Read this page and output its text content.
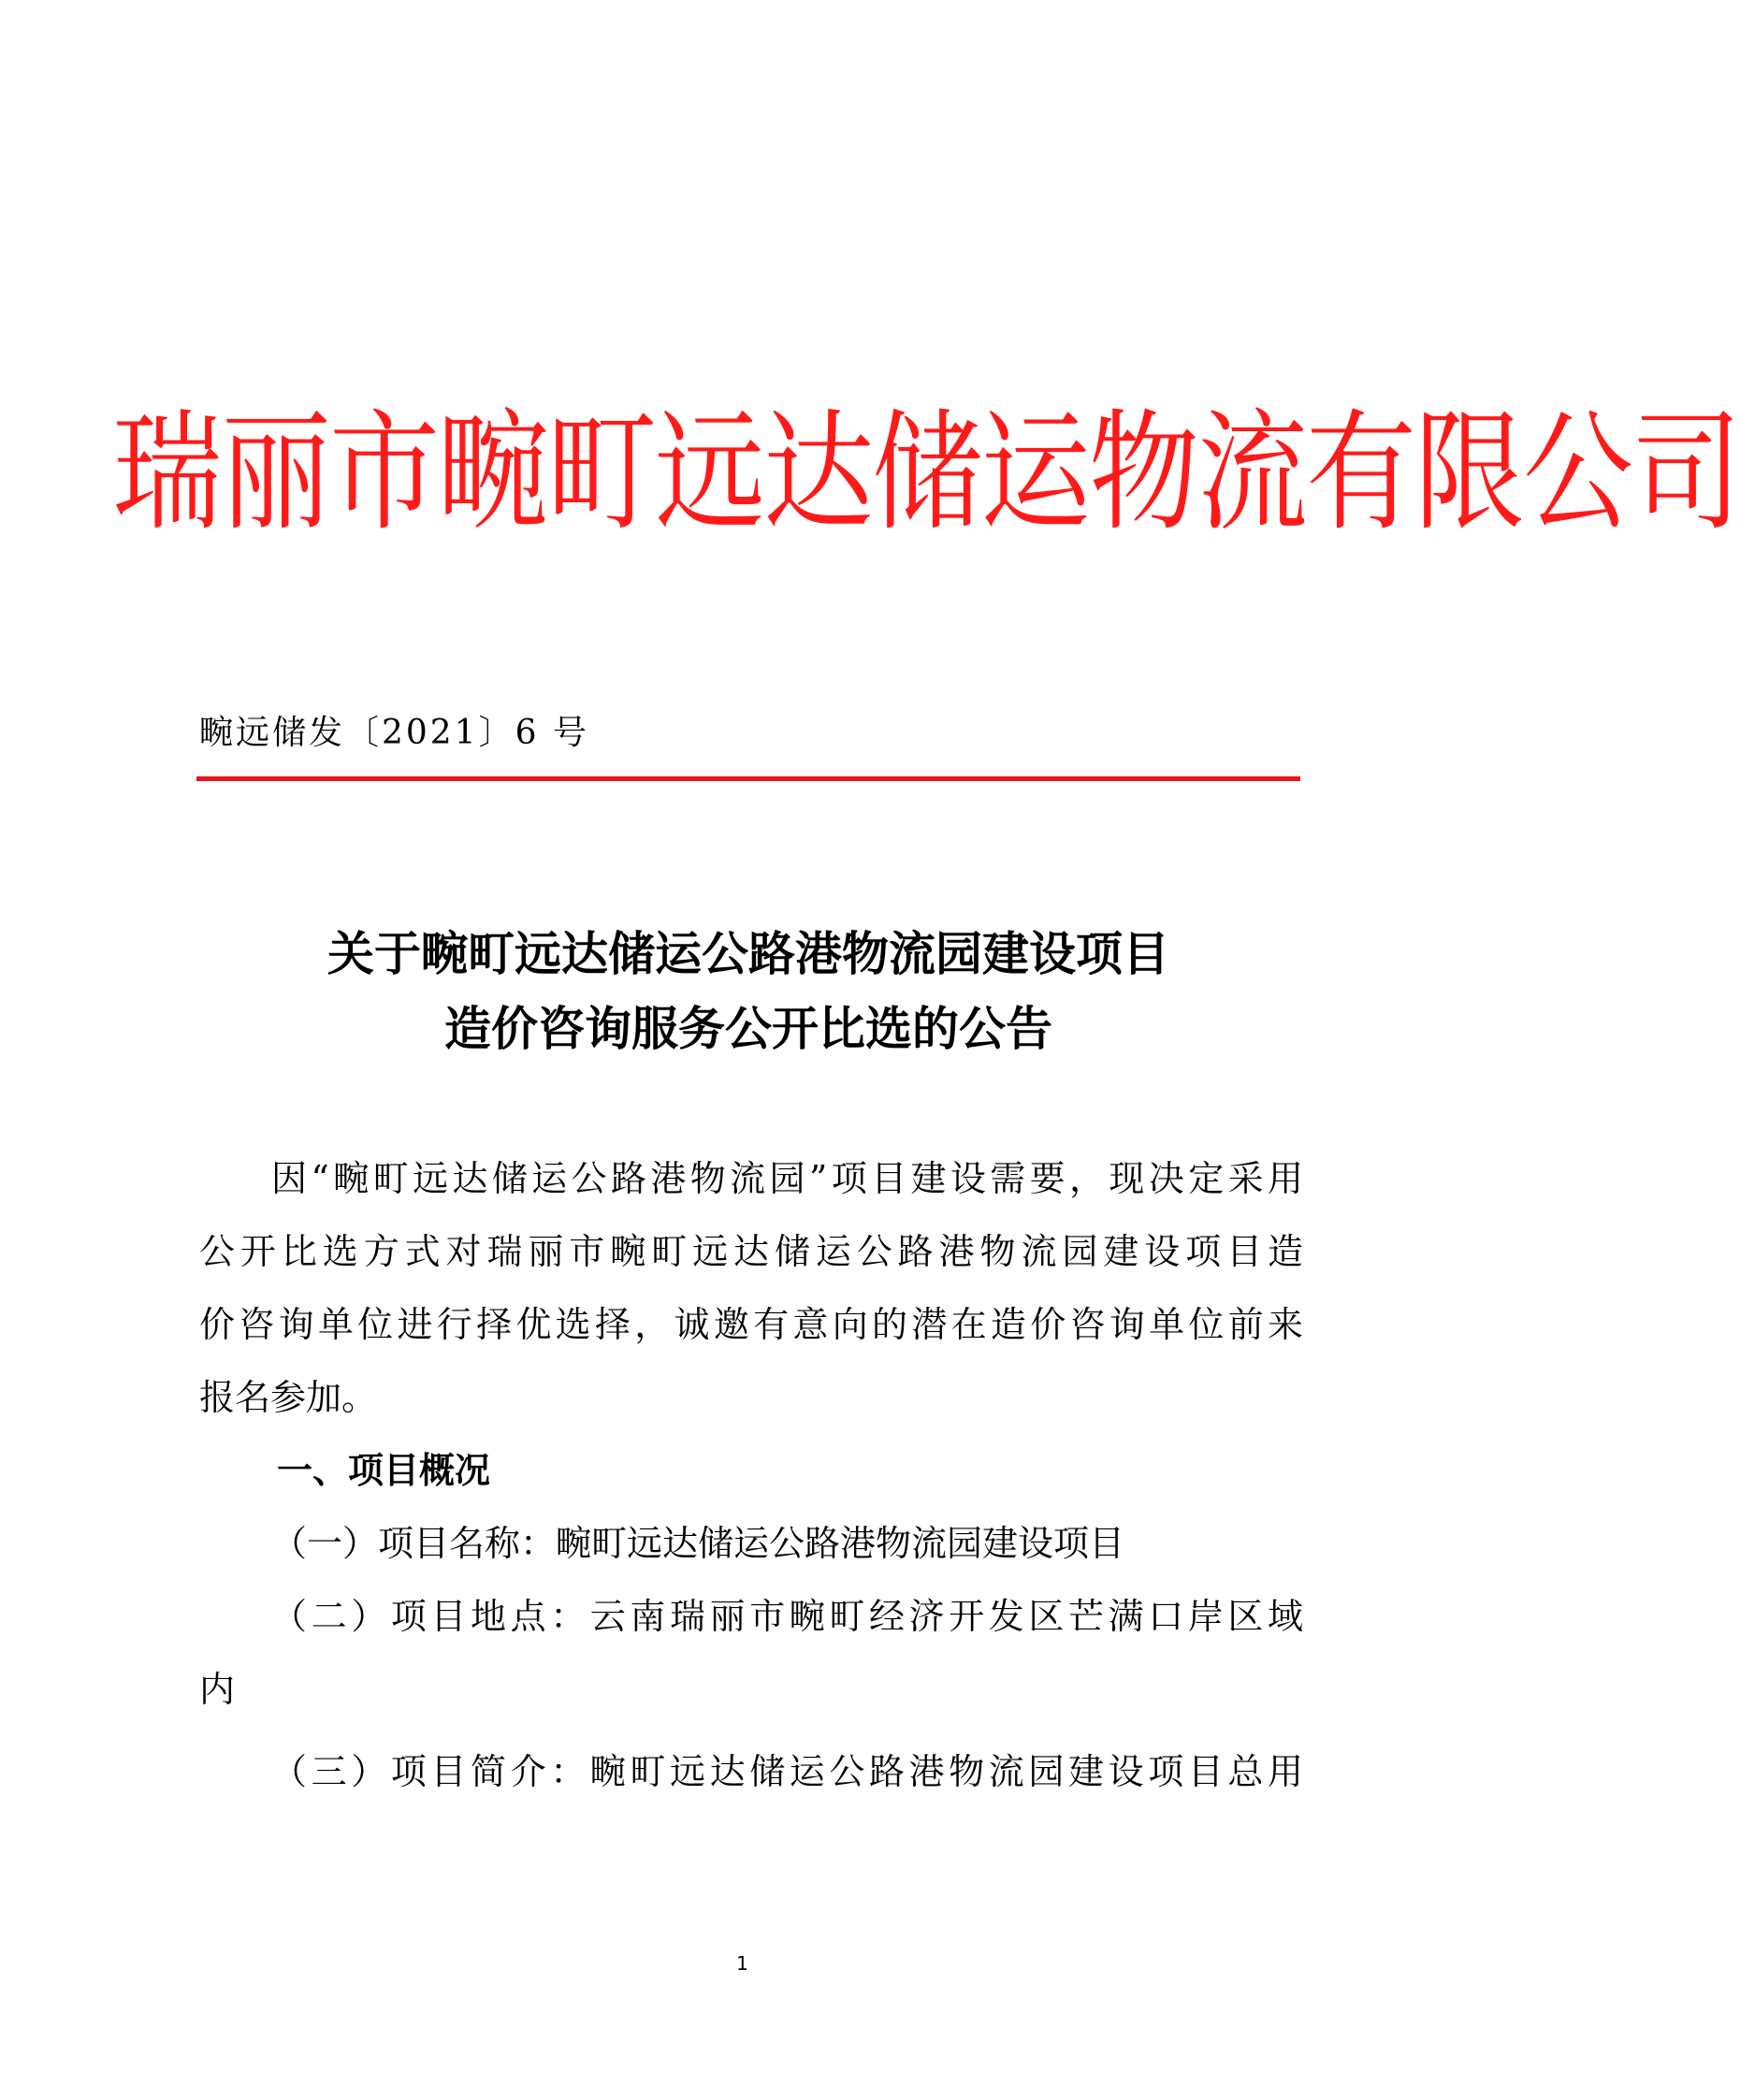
瑞丽市畹町远达储运物流有限公司
畹远储发〔2021〕6 号
关于畹町远达储运公路港物流园建设项目
造价咨询服务公开比选的公告
因“畹町远达储运公路港物流园”项目建设需要，现决定采用
公开比选方式对瑞丽市畹町远达储运公路港物流园建设项目造
价咨询单位进行择优选择，诚邀有意向的潜在造价咨询单位前来
报名参加。
一、项目概况
（一）项目名称：畹町远达储运公路港物流园建设项目
（二）项目地点：云南瑞丽市畹町经济开发区芒满口岸区域
内
（三）项目简介：畹町远达储运公路港物流园建设项目总用
1
